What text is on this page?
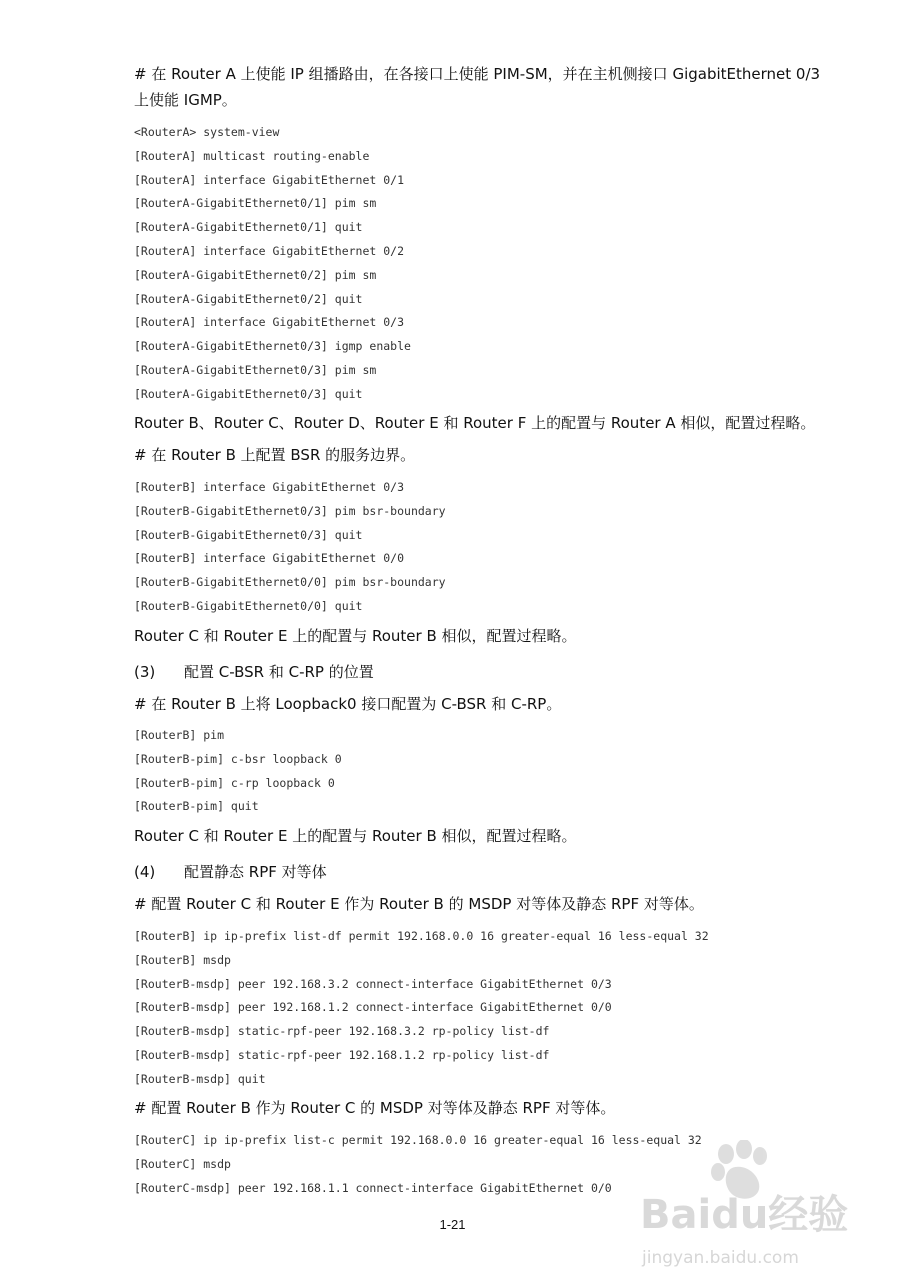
# 在 Router A 上使能 IP 组播路由，在各接口上使能 PIM-SM，并在主机侧接口 GigabitEthernet 0/3
上使能 IGMP。
<RouterA> system-view
[RouterA] multicast routing-enable
[RouterA] interface GigabitEthernet 0/1
[RouterA-GigabitEthernet0/1] pim sm
[RouterA-GigabitEthernet0/1] quit
[RouterA] interface GigabitEthernet 0/2
[RouterA-GigabitEthernet0/2] pim sm
[RouterA-GigabitEthernet0/2] quit
[RouterA] interface GigabitEthernet 0/3
[RouterA-GigabitEthernet0/3] igmp enable
[RouterA-GigabitEthernet0/3] pim sm
[RouterA-GigabitEthernet0/3] quit
Router B、Router C、Router D、Router E 和 Router F 上的配置与 Router A 相似，配置过程略。
# 在 Router B 上配置 BSR 的服务边界。
[RouterB] interface GigabitEthernet 0/3
[RouterB-GigabitEthernet0/3] pim bsr-boundary
[RouterB-GigabitEthernet0/3] quit
[RouterB] interface GigabitEthernet 0/0
[RouterB-GigabitEthernet0/0] pim bsr-boundary
[RouterB-GigabitEthernet0/0] quit
Router C 和 Router E 上的配置与 Router B 相似，配置过程略。
(3) 配置 C-BSR 和 C-RP 的位置
# 在 Router B 上将 Loopback0 接口配置为 C-BSR 和 C-RP。
[RouterB] pim
[RouterB-pim] c-bsr loopback 0
[RouterB-pim] c-rp loopback 0
[RouterB-pim] quit
Router C 和 Router E 上的配置与 Router B 相似，配置过程略。
(4) 配置静态 RPF 对等体
# 配置 Router C 和 Router E 作为 Router B 的 MSDP 对等体及静态 RPF 对等体。
[RouterB] ip ip-prefix list-df permit 192.168.0.0 16 greater-equal 16 less-equal 32
[RouterB] msdp
[RouterB-msdp] peer 192.168.3.2 connect-interface GigabitEthernet 0/3
[RouterB-msdp] peer 192.168.1.2 connect-interface GigabitEthernet 0/0
[RouterB-msdp] static-rpf-peer 192.168.3.2 rp-policy list-df
[RouterB-msdp] static-rpf-peer 192.168.1.2 rp-policy list-df
[RouterB-msdp] quit
# 配置 Router B 作为 Router C 的 MSDP 对等体及静态 RPF 对等体。
[RouterC] ip ip-prefix list-c permit 192.168.0.0 16 greater-equal 16 less-equal 32
[RouterC] msdp
[RouterC-msdp] peer 192.168.1.1 connect-interface GigabitEthernet 0/0
1-21	Baidu经验
jingyan.baidu.com
